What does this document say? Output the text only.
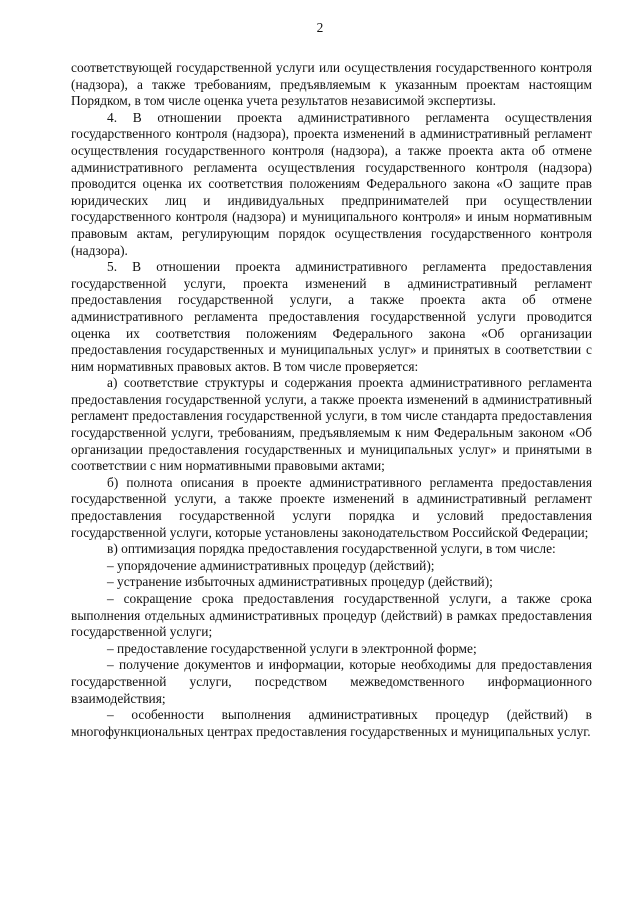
2

соответствующей государственной услуги или осуществления государственного контроля (надзора), а также требованиям, предъявляемым к указанным проектам настоящим Порядком, в том числе оценка учета результатов независимой экспертизы.

4. В отношении проекта административного регламента осуществления государственного контроля (надзора), проекта изменений в административный регламент осуществления государственного контроля (надзора), а также проекта акта об отмене административного регламента осуществления государственного контроля (надзора) проводится оценка их соответствия положениям Федерального закона «О защите прав юридических лиц и индивидуальных предпринимателей при осуществлении государственного контроля (надзора) и муниципального контроля» и иным нормативным правовым актам, регулирующим порядок осуществления государственного контроля (надзора).

5. В отношении проекта административного регламента предоставления государственной услуги, проекта изменений в административный регламент предоставления государственной услуги, а также проекта акта об отмене административного регламента предоставления государственной услуги проводится оценка их соответствия положениям Федерального закона «Об организации предоставления государственных и муниципальных услуг» и принятых в соответствии с ним нормативных правовых актов. В том числе проверяется:

а) соответствие структуры и содержания проекта административного регламента предоставления государственной услуги, а также проекта изменений в административный регламент предоставления государственной услуги, в том числе стандарта предоставления государственной услуги, требованиям, предъявляемым к ним Федеральным законом «Об организации предоставления государственных и муниципальных услуг» и принятыми в соответствии с ним нормативными правовыми актами;

б) полнота описания в проекте административного регламента предоставления государственной услуги, а также проекте изменений в административный регламент предоставления государственной услуги порядка и условий предоставления государственной услуги, которые установлены законодательством Российской Федерации;

в) оптимизация порядка предоставления государственной услуги, в том числе:

– упорядочение административных процедур (действий);

– устранение избыточных административных процедур (действий);

– сокращение срока предоставления государственной услуги, а также срока выполнения отдельных административных процедур (действий) в рамках предоставления государственной услуги;

– предоставление государственной услуги в электронной форме;

– получение документов и информации, которые необходимы для предоставления государственной услуги, посредством межведомственного информационного взаимодействия;

– особенности выполнения административных процедур (действий) в многофункциональных центрах предоставления государственных и муниципальных услуг.
